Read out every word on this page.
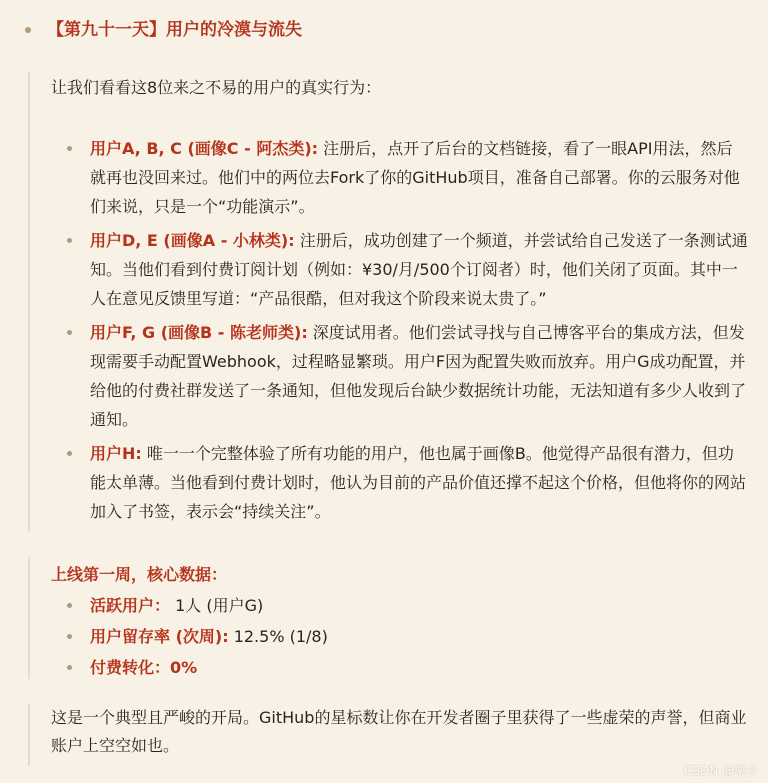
【第九十一天】用户的冷漠与流失

让我们看看这8位来之不易的用户的真实行为：

用户A, B, C (画像C - 阿杰类): 注册后，点开了后台的文档链接，看了一眼API用法，然后就再也没回来过。他们中的两位去Fork了你的GitHub项目，准备自己部署。你的云服务对他们来说，只是一个“功能演示”。
用户D, E (画像A - 小林类): 注册后，成功创建了一个频道，并尝试给自己发送了一条测试通知。当他们看到付费订阅计划（例如：¥30/月/500个订阅者）时，他们关闭了页面。其中一人在意见反馈里写道：“产品很酷，但对我这个阶段来说太贵了。”
用户F, G (画像B - 陈老师类): 深度试用者。他们尝试寻找与自己博客平台的集成方法，但发现需要手动配置Webhook，过程略显繁琐。用户F因为配置失败而放弃。用户G成功配置，并给他的付费社群发送了一条通知，但他发现后台缺少数据统计功能，无法知道有多少人收到了通知。
用户H: 唯一一个完整体验了所有功能的用户，他也属于画像B。他觉得产品很有潜力，但功能太单薄。当他看到付费计划时，他认为目前的产品价值还撑不起这个价格，但他将你的网站加入了书签，表示会“持续关注”。
上线第一周，核心数据：
活跃用户： 1人 (用户G)
用户留存率 (次周): 12.5% (1/8)
付费转化：0%

这是一个典型且严峻的开局。GitHub的星标数让你在开发者圈子里获得了一些虚荣的声誉，但商业账户上空空如也。

CSDN @栗少
